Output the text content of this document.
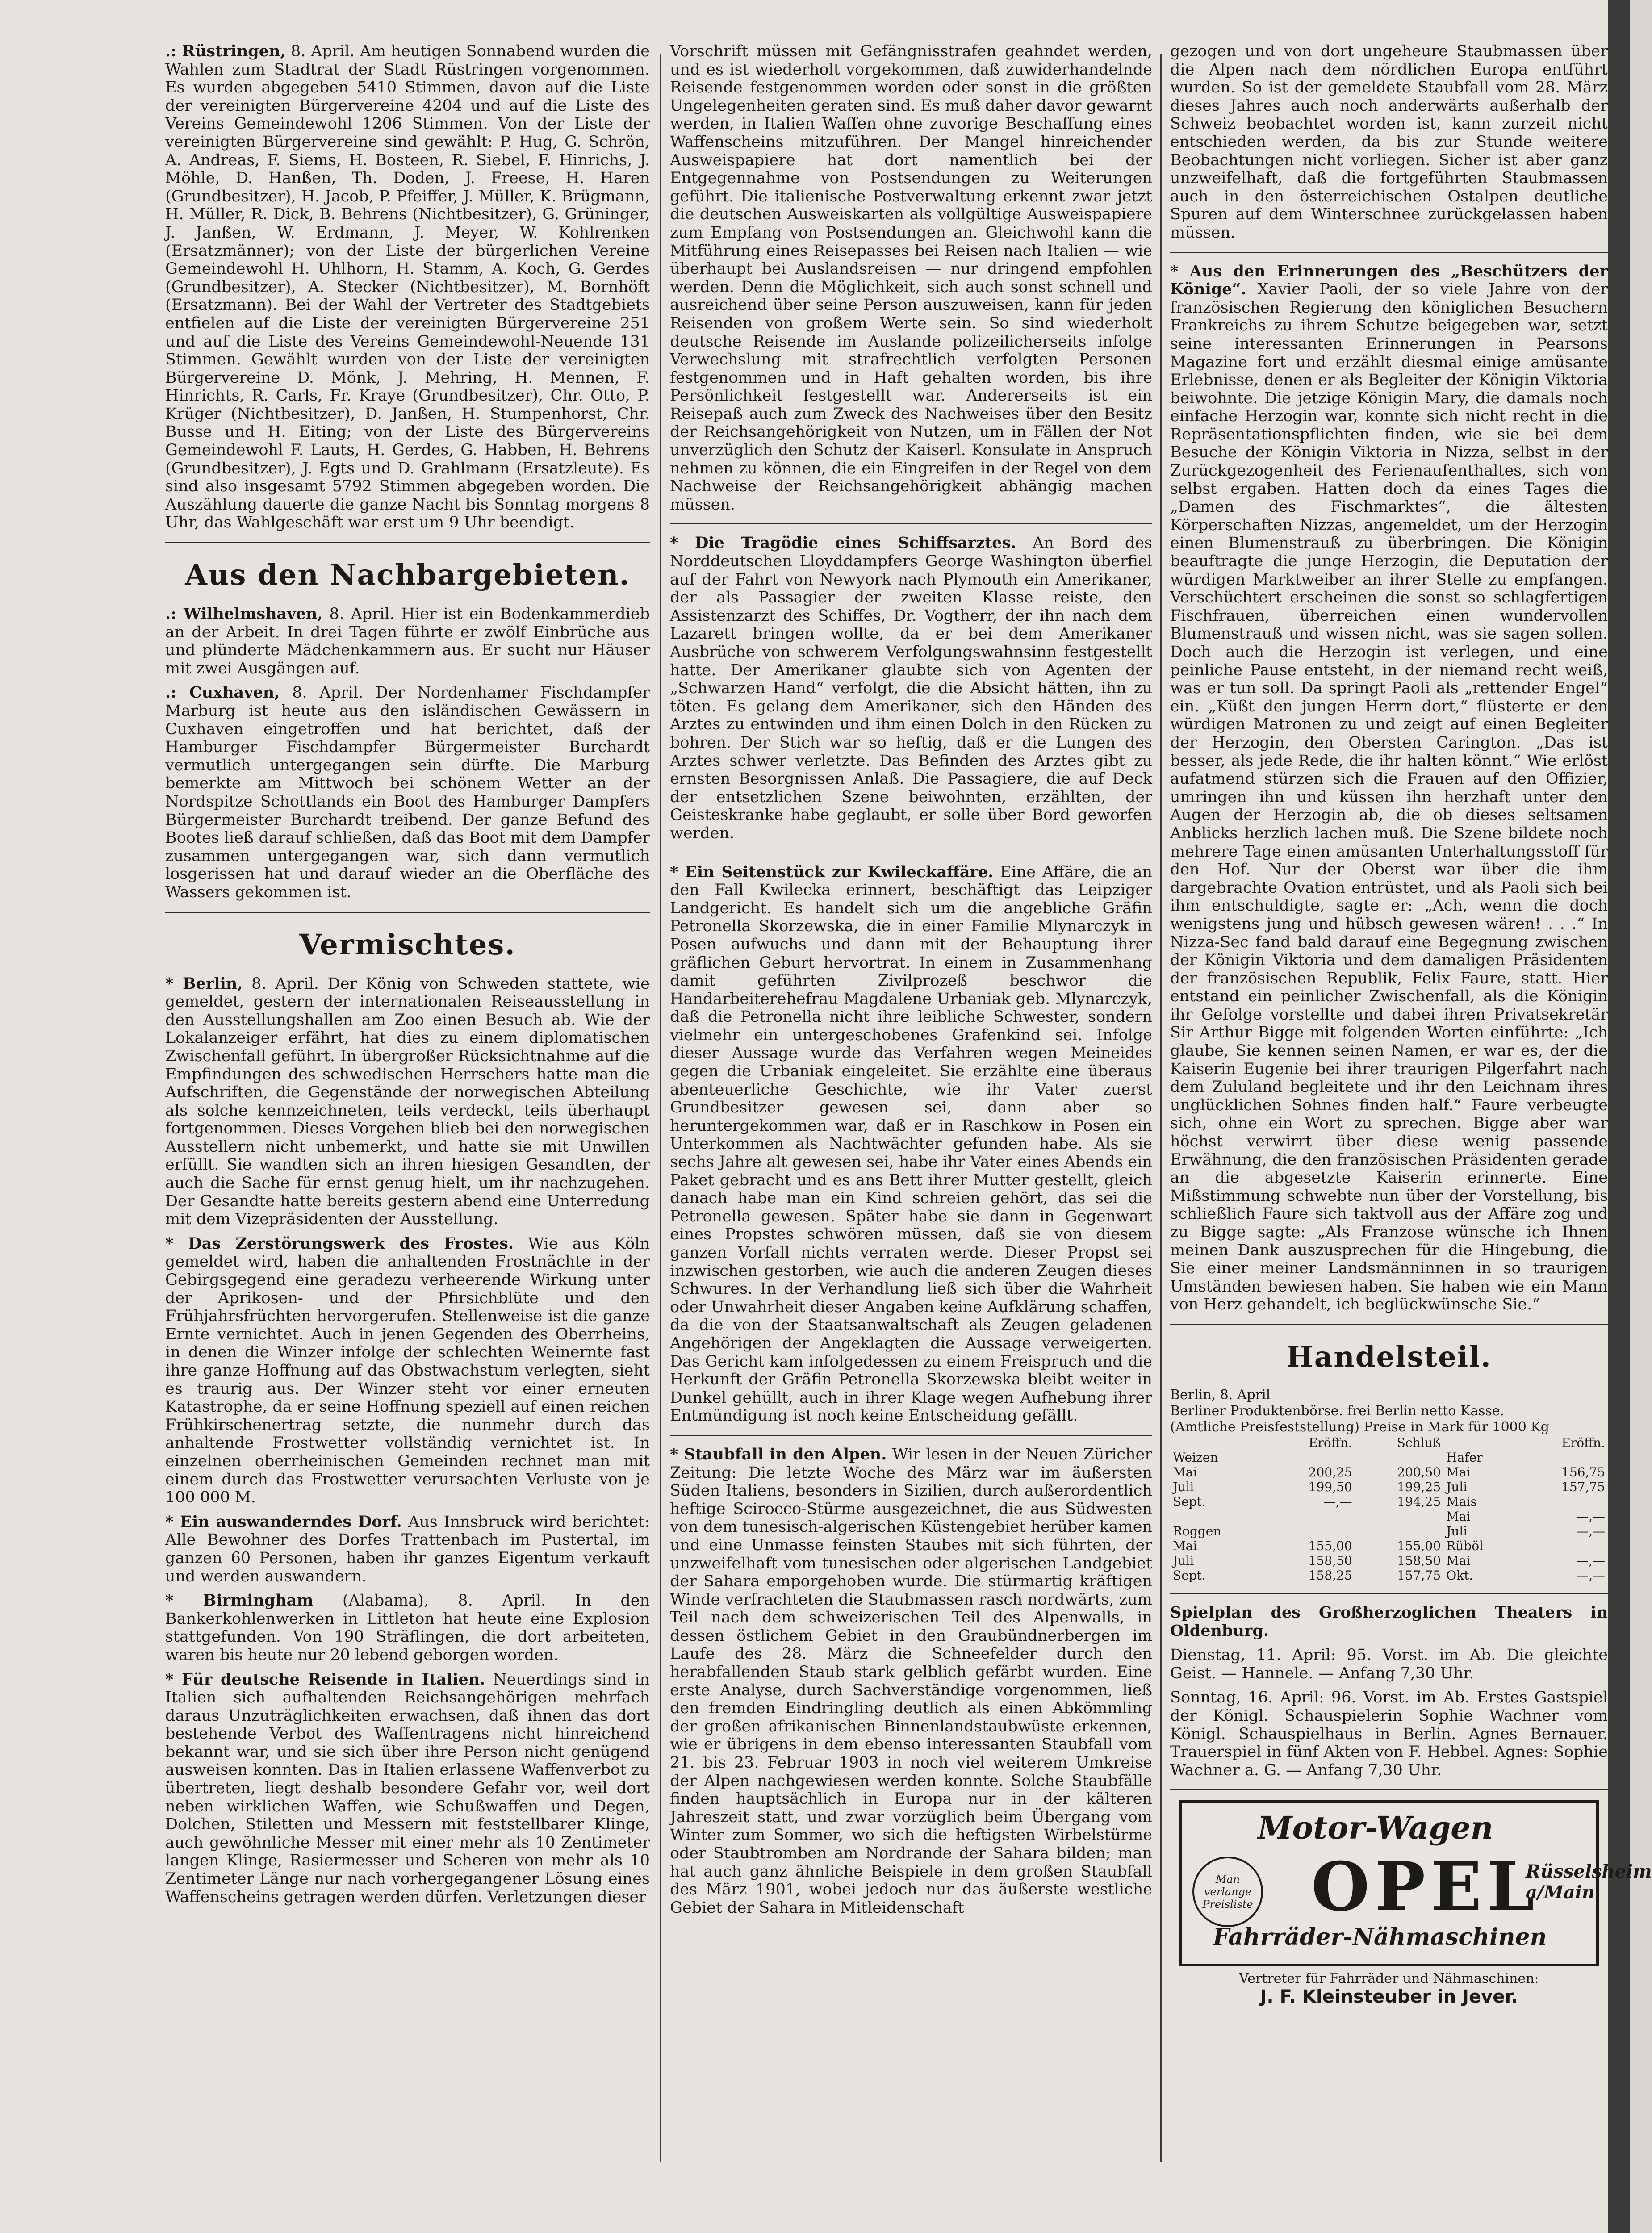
.: Rüstringen, 8. April. Am heutigen Sonnabend wurden die Wahlen zum Stadtrat der Stadt Rüstringen vorgenommen. Es wurden abgegeben 5410 Stimmen, davon auf die Liste der vereinigten Bürgervereine 4204 und auf die Liste des Vereins Gemeindewohl 1206 Stimmen. Von der Liste der vereinigten Bürgervereine sind gewählt: P. Hug, G. Schrön, A. Andreas, F. Siems, H. Bosteen, R. Siebel, F. Hinrichs, J. Möhle, D. Hanßen, Th. Doden, J. Freese, H. Haren (Grundbesitzer), H. Jacob, P. Pfeiffer, J. Müller, K. Brügmann, H. Müller, R. Dick, B. Behrens (Nichtbesitzer), G. Grüninger, J. Janßen, W. Erdmann, J. Meyer, W. Kohlrenken (Ersatzmänner); von der Liste der bürgerlichen Vereine Gemeindewohl H. Uhlhorn, H. Stamm, A. Koch, G. Gerdes (Grundbesitzer), A. Stecker (Nichtbesitzer), M. Bornhöft (Ersatzmann). Bei der Wahl der Vertreter des Stadtgebiets entfielen auf die Liste der vereinigten Bürgervereine 251 und auf die Liste des Vereins Gemeindewohl-Neuende 131 Stimmen. Gewählt wurden von der Liste der vereinigten Bürgervereine D. Mönk, J. Mehring, H. Mennen, F. Hinrichts, R. Carls, Fr. Kraye (Grundbesitzer), Chr. Otto, P. Krüger (Nichtbesitzer), D. Janßen, H. Stumpenhorst, Chr. Busse und H. Eiting; von der Liste des Bürgervereins Gemeindewohl F. Lauts, H. Gerdes, G. Habben, H. Behrens (Grundbesitzer), J. Egts und D. Grahlmann (Ersatzleute). Es sind also insgesamt 5792 Stimmen abgegeben worden. Die Auszählung dauerte die ganze Nacht bis Sonntag morgens 8 Uhr, das Wahlgeschäft war erst um 9 Uhr beendigt.

Aus den Nachbargebieten.

.: Wilhelmshaven, 8. April. Hier ist ein Bodenkammerdieb an der Arbeit. In drei Tagen führte er zwölf Einbrüche aus und plünderte Mädchenkammern aus. Er sucht nur Häuser mit zwei Ausgängen auf.

.: Cuxhaven, 8. April. Der Nordenhamer Fischdampfer Marburg ist heute aus den isländischen Gewässern in Cuxhaven eingetroffen und hat berichtet, daß der Hamburger Fischdampfer Bürgermeister Burchardt vermutlich untergegangen sein dürfte. Die Marburg bemerkte am Mittwoch bei schönem Wetter an der Nordspitze Schottlands ein Boot des Hamburger Dampfers Bürgermeister Burchardt treibend. Der ganze Befund des Bootes ließ darauf schließen, daß das Boot mit dem Dampfer zusammen untergegangen war, sich dann vermutlich losgerissen hat und darauf wieder an die Oberfläche des Wassers gekommen ist.

Vermischtes.

* Berlin, 8. April. Der König von Schweden stattete, wie gemeldet, gestern der internationalen Reiseausstellung in den Ausstellungshallen am Zoo einen Besuch ab. Wie der Lokalanzeiger erfährt, hat dies zu einem diplomatischen Zwischenfall geführt. In übergroßer Rücksichtnahme auf die Empfindungen des schwedischen Herrschers hatte man die Aufschriften, die Gegenstände der norwegischen Abteilung als solche kennzeichneten, teils verdeckt, teils überhaupt fortgenommen. Dieses Vorgehen blieb bei den norwegischen Ausstellern nicht unbemerkt, und hatte sie mit Unwillen erfüllt. Sie wandten sich an ihren hiesigen Gesandten, der auch die Sache für ernst genug hielt, um ihr nachzugehen. Der Gesandte hatte bereits gestern abend eine Unterredung mit dem Vizepräsidenten der Ausstellung.

* Das Zerstörungswerk des Frostes. Wie aus Köln gemeldet wird, haben die anhaltenden Frostnächte in der Gebirgsgegend eine geradezu verheerende Wirkung unter der Aprikosen- und der Pfirsichblüte und den Frühjahrsfrüchten hervorgerufen. Stellenweise ist die ganze Ernte vernichtet. Auch in jenen Gegenden des Oberrheins, in denen die Winzer infolge der schlechten Weinernte fast ihre ganze Hoffnung auf das Obstwachstum verlegten, sieht es traurig aus. Der Winzer steht vor einer erneuten Katastrophe, da er seine Hoffnung speziell auf einen reichen Frühkirschenertrag setzte, die nunmehr durch das anhaltende Frostwetter vollständig vernichtet ist. In einzelnen oberrheinischen Gemeinden rechnet man mit einem durch das Frostwetter verursachten Verluste von je 100 000 M.

* Ein auswanderndes Dorf. Aus Innsbruck wird berichtet: Alle Bewohner des Dorfes Trattenbach im Pustertal, im ganzen 60 Personen, haben ihr ganzes Eigentum verkauft und werden auswandern.

* Birmingham (Alabama), 8. April. In den Bankerkohlenwerken in Littleton hat heute eine Explosion stattgefunden. Von 190 Sträflingen, die dort arbeiteten, waren bis heute nur 20 lebend geborgen worden.

* Für deutsche Reisende in Italien. Neuerdings sind in Italien sich aufhaltenden Reichsangehörigen mehrfach daraus Unzuträglichkeiten erwachsen, daß ihnen das dort bestehende Verbot des Waffentragens nicht hinreichend bekannt war, und sie sich über ihre Person nicht genügend ausweisen konnten. Das in Italien erlassene Waffenverbot zu übertreten, liegt deshalb besondere Gefahr vor, weil dort neben wirklichen Waffen, wie Schußwaffen und Degen, Dolchen, Stiletten und Messern mit feststellbarer Klinge, auch gewöhnliche Messer mit einer mehr als 10 Zentimeter langen Klinge, Rasiermesser und Scheren von mehr als 10 Zentimeter Länge nur nach vorhergegangener Lösung eines Waffenscheins getragen werden dürfen. Verletzungen dieser

Vorschrift müssen mit Gefängnisstrafen geahndet werden, und es ist wiederholt vorgekommen, daß zuwiderhandelnde Reisende festgenommen worden oder sonst in die größten Ungelegenheiten geraten sind. Es muß daher davor gewarnt werden, in Italien Waffen ohne zuvorige Beschaffung eines Waffenscheins mitzuführen. Der Mangel hinreichender Ausweispapiere hat dort namentlich bei der Entgegennahme von Postsendungen zu Weiterungen geführt. Die italienische Postverwaltung erkennt zwar jetzt die deutschen Ausweiskarten als vollgültige Ausweispapiere zum Empfang von Postsendungen an. Gleichwohl kann die Mitführung eines Reisepasses bei Reisen nach Italien — wie überhaupt bei Auslandsreisen — nur dringend empfohlen werden. Denn die Möglichkeit, sich auch sonst schnell und ausreichend über seine Person auszuweisen, kann für jeden Reisenden von großem Werte sein. So sind wiederholt deutsche Reisende im Auslande polizeilicherseits infolge Verwechslung mit strafrechtlich verfolgten Personen festgenommen und in Haft gehalten worden, bis ihre Persönlichkeit festgestellt war. Andererseits ist ein Reisepaß auch zum Zweck des Nachweises über den Besitz der Reichsangehörigkeit von Nutzen, um in Fällen der Not unverzüglich den Schutz der Kaiserl. Konsulate in Anspruch nehmen zu können, die ein Eingreifen in der Regel von dem Nachweise der Reichsangehörigkeit abhängig machen müssen.

* Die Tragödie eines Schiffsarztes. An Bord des Norddeutschen Lloyddampfers George Washington überfiel auf der Fahrt von Newyork nach Plymouth ein Amerikaner, der als Passagier der zweiten Klasse reiste, den Assistenzarzt des Schiffes, Dr. Vogtherr, der ihn nach dem Lazarett bringen wollte, da er bei dem Amerikaner Ausbrüche von schwerem Verfolgungswahnsinn festgestellt hatte. Der Amerikaner glaubte sich von Agenten der „Schwarzen Hand“ verfolgt, die die Absicht hätten, ihn zu töten. Es gelang dem Amerikaner, sich den Händen des Arztes zu entwinden und ihm einen Dolch in den Rücken zu bohren. Der Stich war so heftig, daß er die Lungen des Arztes schwer verletzte. Das Befinden des Arztes gibt zu ernsten Besorgnissen Anlaß. Die Passagiere, die auf Deck der entsetzlichen Szene beiwohnten, erzählten, der Geisteskranke habe geglaubt, er solle über Bord geworfen werden.

* Ein Seitenstück zur Kwileckaffäre. Eine Affäre, die an den Fall Kwilecka erinnert, beschäftigt das Leipziger Landgericht. Es handelt sich um die angebliche Gräfin Petronella Skorzewska, die in einer Familie Mlynarczyk in Posen aufwuchs und dann mit der Behauptung ihrer gräflichen Geburt hervortrat. In einem in Zusammenhang damit geführten Zivilprozeß beschwor die Handarbeiterehefrau Magdalene Urbaniak geb. Mlynarczyk, daß die Petronella nicht ihre leibliche Schwester, sondern vielmehr ein untergeschobenes Grafenkind sei. Infolge dieser Aussage wurde das Verfahren wegen Meineides gegen die Urbaniak eingeleitet. Sie erzählte eine überaus abenteuerliche Geschichte, wie ihr Vater zuerst Grundbesitzer gewesen sei, dann aber so heruntergekommen war, daß er in Raschkow in Posen ein Unterkommen als Nachtwächter gefunden habe. Als sie sechs Jahre alt gewesen sei, habe ihr Vater eines Abends ein Paket gebracht und es ans Bett ihrer Mutter gestellt, gleich danach habe man ein Kind schreien gehört, das sei die Petronella gewesen. Später habe sie dann in Gegenwart eines Propstes schwören müssen, daß sie von diesem ganzen Vorfall nichts verraten werde. Dieser Propst sei inzwischen gestorben, wie auch die anderen Zeugen dieses Schwures. In der Verhandlung ließ sich über die Wahrheit oder Unwahrheit dieser Angaben keine Aufklärung schaffen, da die von der Staatsanwaltschaft als Zeugen geladenen Angehörigen der Angeklagten die Aussage verweigerten. Das Gericht kam infolgedessen zu einem Freispruch und die Herkunft der Gräfin Petronella Skorzewska bleibt weiter in Dunkel gehüllt, auch in ihrer Klage wegen Aufhebung ihrer Entmündigung ist noch keine Entscheidung gefällt.

* Staubfall in den Alpen. Wir lesen in der Neuen Züricher Zeitung: Die letzte Woche des März war im äußersten Süden Italiens, besonders in Sizilien, durch außerordentlich heftige Scirocco-Stürme ausgezeichnet, die aus Südwesten von dem tunesisch-algerischen Küstengebiet herüber kamen und eine Unmasse feinsten Staubes mit sich führten, der unzweifelhaft vom tunesischen oder algerischen Landgebiet der Sahara emporgehoben wurde. Die stürmartig kräftigen Winde verfrachteten die Staubmassen rasch nordwärts, zum Teil nach dem schweizerischen Teil des Alpenwalls, in dessen östlichem Gebiet in den Graubündnerbergen im Laufe des 28. März die Schneefelder durch den herabfallenden Staub stark gelblich gefärbt wurden. Eine erste Analyse, durch Sachverständige vorgenommen, ließ den fremden Eindringling deutlich als einen Abkömmling der großen afrikanischen Binnenlandstaubwüste erkennen, wie er übrigens in dem ebenso interessanten Staubfall vom 21. bis 23. Februar 1903 in noch viel weiterem Umkreise der Alpen nachgewiesen werden konnte. Solche Staubfälle finden hauptsächlich in Europa nur in der kälteren Jahreszeit statt, und zwar vorzüglich beim Übergang vom Winter zum Sommer, wo sich die heftigsten Wirbelstürme oder Staubtromben am Nordrande der Sahara bilden; man hat auch ganz ähnliche Beispiele in dem großen Staubfall des März 1901, wobei jedoch nur das äußerste westliche Gebiet der Sahara in Mitleidenschaft

gezogen und von dort ungeheure Staubmassen über die Alpen nach dem nördlichen Europa entführt wurden. So ist der gemeldete Staubfall vom 28. März dieses Jahres auch noch anderwärts außerhalb der Schweiz beobachtet worden ist, kann zurzeit nicht entschieden werden, da bis zur Stunde weitere Beobachtungen nicht vorliegen. Sicher ist aber ganz unzweifelhaft, daß die fortgeführten Staubmassen auch in den österreichischen Ostalpen deutliche Spuren auf dem Winterschnee zurückgelassen haben müssen.

* Aus den Erinnerungen des „Beschützers der Könige“. Xavier Paoli, der so viele Jahre von der französischen Regierung den königlichen Besuchern Frankreichs zu ihrem Schutze beigegeben war, setzt seine interessanten Erinnerungen in Pearsons Magazine fort und erzählt diesmal einige amüsante Erlebnisse, denen er als Begleiter der Königin Viktoria beiwohnte. Die jetzige Königin Mary, die damals noch einfache Herzogin war, konnte sich nicht recht in die Repräsentationspflichten finden, wie sie bei dem Besuche der Königin Viktoria in Nizza, selbst in der Zurückgezogenheit des Ferienaufenthaltes, sich von selbst ergaben. Hatten doch da eines Tages die „Damen des Fischmarktes“, die ältesten Körperschaften Nizzas, angemeldet, um der Herzogin einen Blumenstrauß zu überbringen. Die Königin beauftragte die junge Herzogin, die Deputation der würdigen Marktweiber an ihrer Stelle zu empfangen. Verschüchtert erscheinen die sonst so schlagfertigen Fischfrauen, überreichen einen wundervollen Blumenstrauß und wissen nicht, was sie sagen sollen. Doch auch die Herzogin ist verlegen, und eine peinliche Pause entsteht, in der niemand recht weiß, was er tun soll. Da springt Paoli als „rettender Engel“ ein. „Küßt den jungen Herrn dort,“ flüsterte er den würdigen Matronen zu und zeigt auf einen Begleiter der Herzogin, den Obersten Carington. „Das ist besser, als jede Rede, die ihr halten könnt.“ Wie erlöst aufatmend stürzen sich die Frauen auf den Offizier, umringen ihn und küssen ihn herzhaft unter den Augen der Herzogin ab, die ob dieses seltsamen Anblicks herzlich lachen muß. Die Szene bildete noch mehrere Tage einen amüsanten Unterhaltungsstoff für den Hof. Nur der Oberst war über die ihm dargebrachte Ovation entrüstet, und als Paoli sich bei ihm entschuldigte, sagte er: „Ach, wenn die doch wenigstens jung und hübsch gewesen wären! . . .“ In Nizza-Sec fand bald darauf eine Begegnung zwischen der Königin Viktoria und dem damaligen Präsidenten der französischen Republik, Felix Faure, statt. Hier entstand ein peinlicher Zwischenfall, als die Königin ihr Gefolge vorstellte und dabei ihren Privatsekretär Sir Arthur Bigge mit folgenden Worten einführte: „Ich glaube, Sie kennen seinen Namen, er war es, der die Kaiserin Eugenie bei ihrer traurigen Pilgerfahrt nach dem Zululand begleitete und ihr den Leichnam ihres unglücklichen Sohnes finden half.“ Faure verbeugte sich, ohne ein Wort zu sprechen. Bigge aber war höchst verwirrt über diese wenig passende Erwähnung, die den französischen Präsidenten gerade an die abgesetzte Kaiserin erinnerte. Eine Mißstimmung schwebte nun über der Vorstellung, bis schließlich Faure sich taktvoll aus der Affäre zog und zu Bigge sagte: „Als Franzose wünsche ich Ihnen meinen Dank auszusprechen für die Hingebung, die Sie einer meiner Landsmänninnen in so traurigen Umständen bewiesen haben. Sie haben wie ein Mann von Herz gehandelt, ich beglückwünsche Sie.“

Handelsteil.
Berlin, 8. April
Berliner Produktenbörse. frei Berlin netto Kasse.
(Amtliche Preisfeststellung) Preise in Mark für 1000 Kg
	Eröffn.	Schluß		Eröffn.
Weizen			Hafer	
Mai	200,25	200,50	Mai	156,75
Juli	199,50	199,25	Juli	157,75
Sept.	—,—	194,25	Mais	
			Mai	—,—
Roggen			Juli	—,—
Mai	155,00	155,00	Rüböl	
Juli	158,50	158,50	Mai	—,—
Sept.	158,25	157,75	Okt.	—,—

Spielplan des Großherzoglichen Theaters in Oldenburg.

Dienstag, 11. April: 95. Vorst. im Ab. Die gleichte Geist. — Hannele. — Anfang 7,30 Uhr.

Sonntag, 16. April: 96. Vorst. im Ab. Erstes Gastspiel der Königl. Schauspielerin Sophie Wachner vom Königl. Schauspielhaus in Berlin. Agnes Bernauer. Trauerspiel in fünf Akten von F. Hebbel. Agnes: Sophie Wachner a. G. — Anfang 7,30 Uhr.

Motor-Wagen
Man verlange Preisliste OPEL
Rüsselsheim a/Main
Fahrräder-Nähmaschinen
Vertreter für Fahrräder und Nähmaschinen:
J. F. Kleinsteuber in Jever.
